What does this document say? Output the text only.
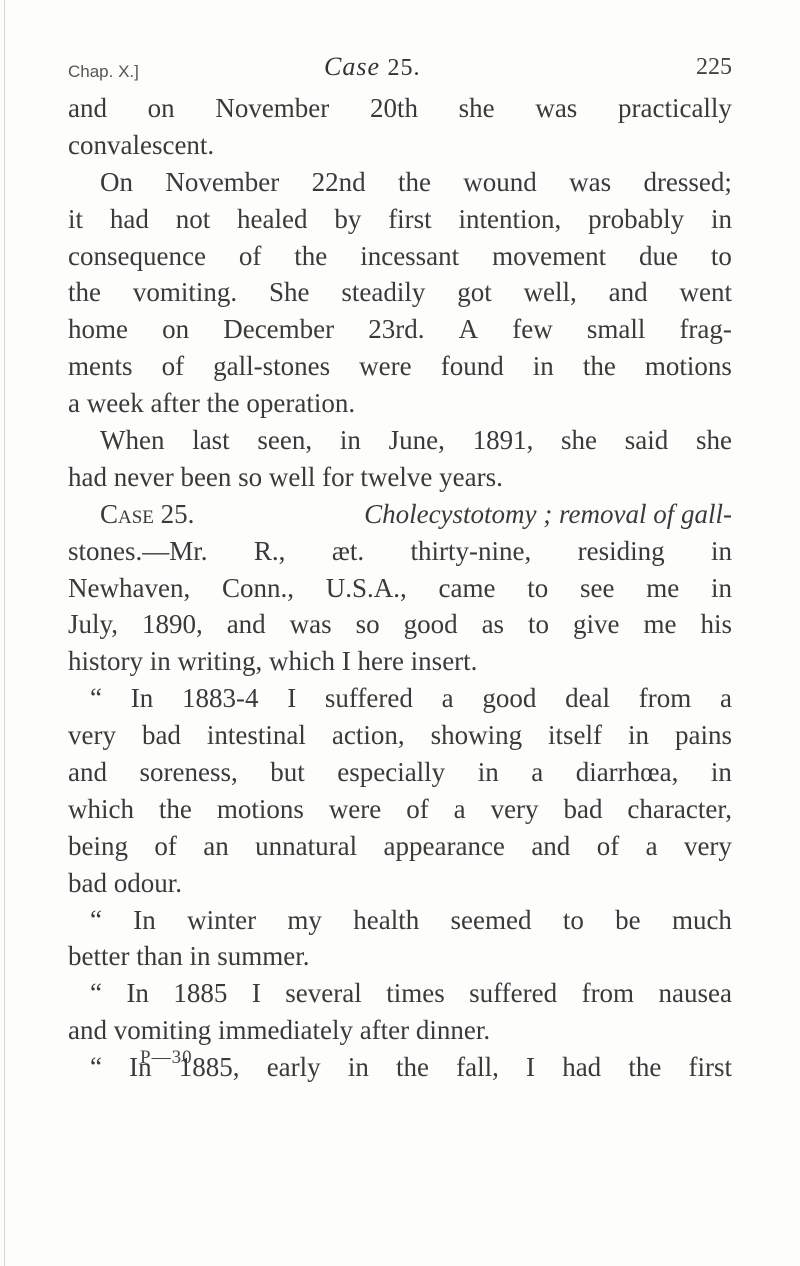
Chap. X.]	Case 25.	225
and on November 20th she was practically
convalescent.
On November 22nd the wound was dressed;
it had not healed by first intention, probably in
consequence of the incessant movement due to
the vomiting. She steadily got well, and went
home on December 23rd. A few small frag-
ments of gall-stones were found in the motions
a week after the operation.
When last seen, in June, 1891, she said she
had never been so well for twelve years.
Case 25.	Cholecystotomy ; removal of gall-
stones.—Mr. R., æt. thirty-nine, residing in
Newhaven, Conn., U.S.A., came to see me in
July, 1890, and was so good as to give me his
history in writing, which I here insert.
“ In 1883-4 I suffered a good deal from a
very bad intestinal action, showing itself in pains
and soreness, but especially in a diarrhœa, in
which the motions were of a very bad character,
being of an unnatural appearance and of a very
bad odour.
“ In winter my health seemed to be much
better than in summer.
“ In 1885 I several times suffered from nausea
and vomiting immediately after dinner.
“ In 1885, early in the fall, I had the first
P—30
